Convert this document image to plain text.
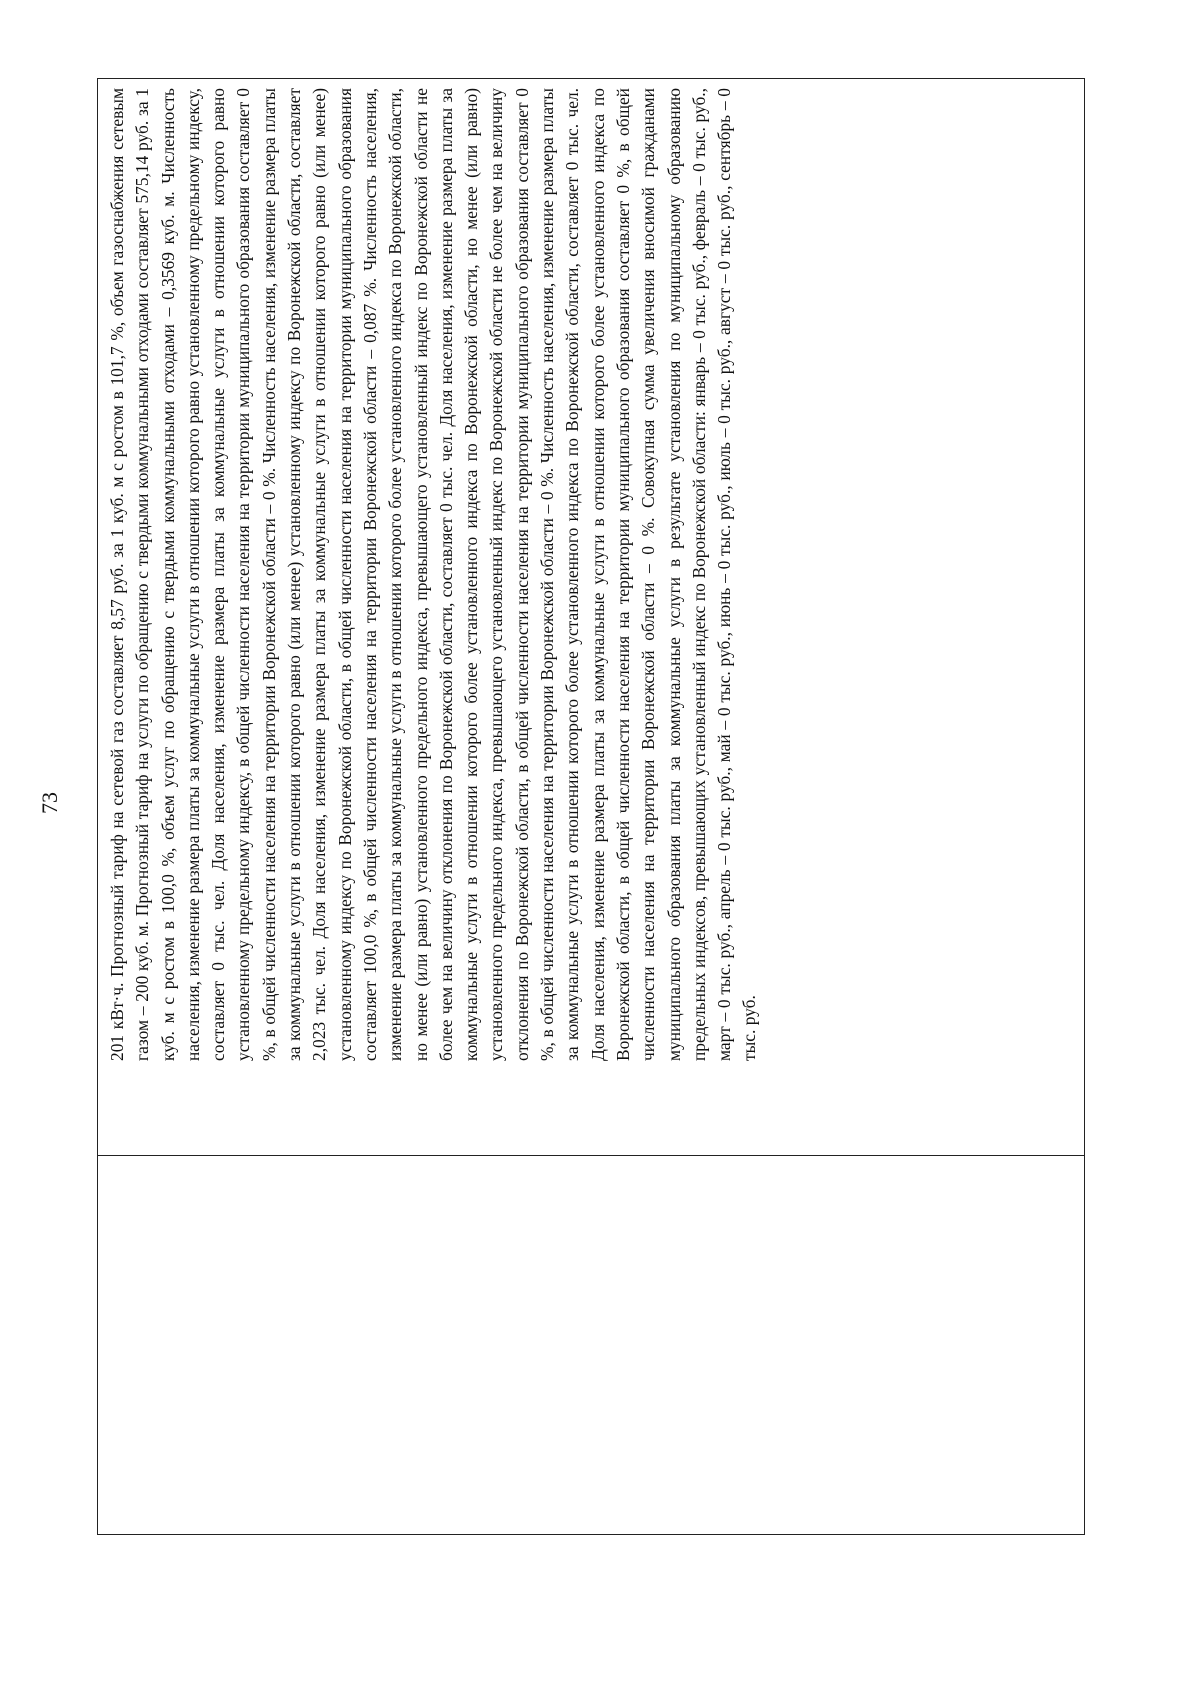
73	201 кВт·ч. Прогнозный тариф на сетевой газ составляет 8,57 руб. за 1 куб. м с ростом в 101,7 %, объем газоснабжения сетевым газом – 200 куб. м. Прогнозный тариф на услуги по обращению с твердыми коммунальными отходами составляет 575,14 руб. за 1 куб. м с ростом в 100,0 %, объем услуг по обращению с твердыми коммунальными отходами – 0,3569 куб. м. Численность населения, изменение размера платы за коммунальные услуги в отношении которого равно установленному предельному индексу, составляет 0 тыс. чел. Доля населения, изменение размера платы за коммунальные услуги в отношении которого равно установленному предельному индексу, в общей численности населения на территории муниципального образования составляет 0 %, в общей численности населения на территории Воронежской области – 0 %. Численность населения, изменение размера платы за коммунальные услуги в отношении которого равно (или менее) установленному индексу по Воронежской области, составляет 2,023 тыс. чел. Доля населения, изменение размера платы за коммунальные услуги в отношении которого равно (или менее) установленному индексу по Воронежской области, в общей численности населения на территории муниципального образования составляет 100,0 %, в общей численности населения на территории Воронежской области – 0,087 %. Численность населения, изменение размера платы за коммунальные услуги в отношении которого более установленного индекса по Воронежской области, но менее (или равно) установленного предельного индекса, превышающего установленный индекс по Воронежской области не более чем на величину отклонения по Воронежской области, составляет 0 тыс. чел. Доля населения, изменение размера платы за коммунальные услуги в отношении которого более установленного индекса по Воронежской области, но менее (или равно) установленного предельного индекса, превышающего установленный индекс по Воронежской области не более чем на величину отклонения по Воронежской области, в общей численности населения на территории муниципального образования составляет 0 %, в общей численности населения на территории Воронежской области – 0 %. Численность населения, изменение размера платы за коммунальные услуги в отношении которого более установленного индекса по Воронежской области, составляет 0 тыс. чел. Доля населения, изменение размера платы за коммунальные услуги в отношении которого более установленного индекса по Воронежской области, в общей численности населения на территории муниципального образования составляет 0 %, в общей численности населения на территории Воронежской области – 0 %. Совокупная сумма увеличения вносимой гражданами муниципального образования платы за коммунальные услуги в результате установления по муниципальному образованию предельных индексов, превышающих установленный индекс по Воронежской области: январь – 0 тыс. руб., февраль – 0 тыс. руб., март – 0 тыс. руб., апрель – 0 тыс. руб., май – 0 тыс. руб., июнь – 0 тыс. руб., июль – 0 тыс. руб., август – 0 тыс. руб., сентябрь – 0 тыс. руб.
